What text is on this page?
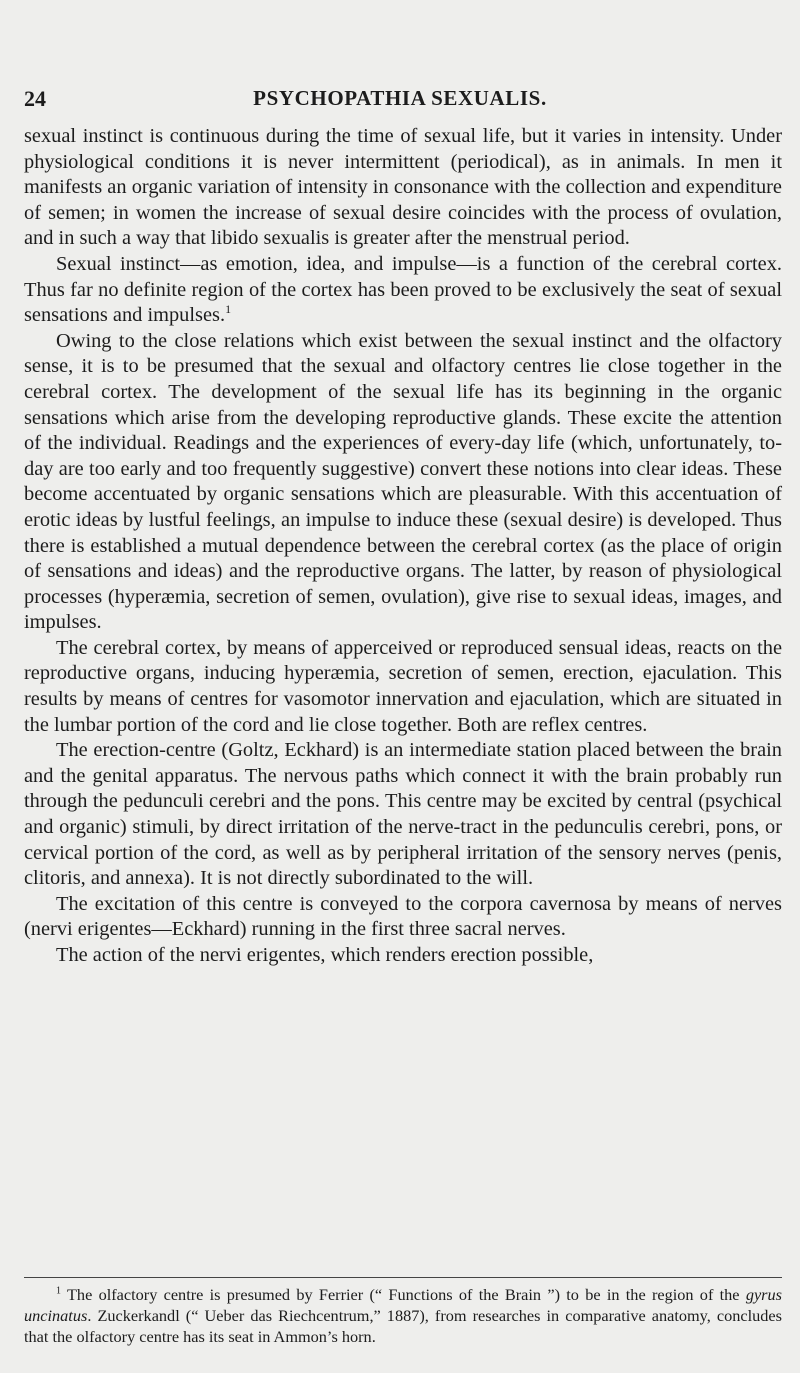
24	PSYCHOPATHIA SEXUALIS.

sexual instinct is continuous during the time of sexual life, but it varies in intensity. Under physiological conditions it is never intermittent (periodical), as in animals. In men it manifests an organic variation of intensity in consonance with the collection and expenditure of semen; in women the increase of sexual desire coincides with the process of ovulation, and in such a way that libido sexualis is greater after the menstrual period.

Sexual instinct—as emotion, idea, and impulse—is a function of the cerebral cortex. Thus far no definite region of the cortex has been proved to be exclusively the seat of sexual sensations and impulses.$^1$

Owing to the close relations which exist between the sexual instinct and the olfactory sense, it is to be presumed that the sexual and olfactory centres lie close together in the cerebral cortex. The development of the sexual life has its beginning in the organic sensations which arise from the developing reproductive glands. These excite the attention of the individual. Readings and the experiences of every-day life (which, unfortunately, to-day are too early and too frequently suggestive) convert these notions into clear ideas. These become accentuated by organic sensations which are pleasurable. With this accentuation of erotic ideas by lustful feelings, an impulse to induce these (sexual desire) is developed. Thus there is established a mutual dependence between the cerebral cortex (as the place of origin of sensations and ideas) and the reproductive organs. The latter, by reason of physiological processes (hyperæmia, secretion of semen, ovulation), give rise to sexual ideas, images, and impulses.

The cerebral cortex, by means of apperceived or reproduced sensual ideas, reacts on the reproductive organs, inducing hyperæmia, secretion of semen, erection, ejaculation. This results by means of centres for vasomotor innervation and ejaculation, which are situated in the lumbar portion of the cord and lie close together. Both are reflex centres.

The erection-centre (Goltz, Eckhard) is an intermediate station placed between the brain and the genital apparatus. The nervous paths which connect it with the brain probably run through the pedunculi cerebri and the pons. This centre may be excited by central (psychical and organic) stimuli, by direct irritation of the nerve-tract in the pedunculis cerebri, pons, or cervical portion of the cord, as well as by peripheral irritation of the sensory nerves (penis, clitoris, and annexa). It is not directly subordinated to the will.

The excitation of this centre is conveyed to the corpora cavernosa by means of nerves (nervi erigentes—Eckhard) running in the first three sacral nerves.

The action of the nervi erigentes, which renders erection possible,

$^1$ The olfactory centre is presumed by Ferrier (“ Functions of the Brain ”) to be in the region of the gyrus uncinatus. Zuckerkandl (“ Ueber das Riechcentrum,” 1887), from researches in comparative anatomy, concludes that the olfactory centre has its seat in Ammon’s horn.
